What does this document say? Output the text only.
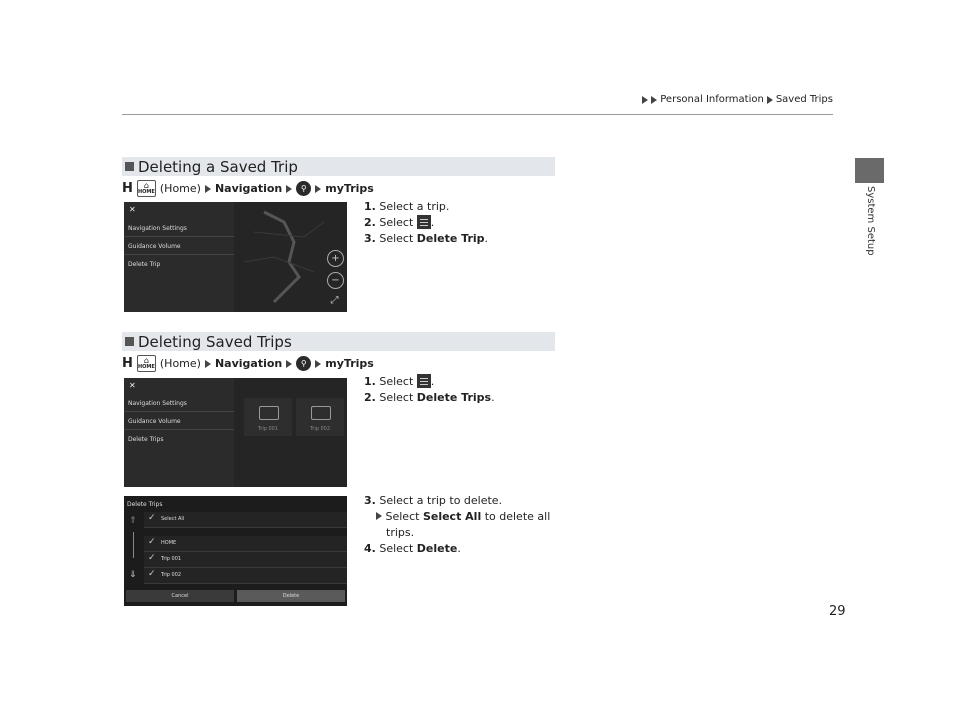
Personal Information Saved Trips
System Setup
Deleting a Saved Trip
H ⌂
HOME (Home) Navigation	⚲	myTrips
✕
Navigation Settings
Guidance Volume
Delete Trip
+
−
⤢
1. Select a trip.
2. Select .
3. Select Delete Trip.
Deleting Saved Trips
H ⌂
HOME (Home) Navigation	⚲	myTrips
✕
Navigation Settings
Guidance Volume
Delete Trips
Trip 001	Trip 002
Delete Trips
⇑
⇓
✓ Select All
✓ HOME
✓ Trip 001
✓ Trip 002
Cancel	Delete
1. Select .
2. Select Delete Trips.
3. Select a trip to delete.
Select Select All to delete all
trips.
4. Select Delete.
29
